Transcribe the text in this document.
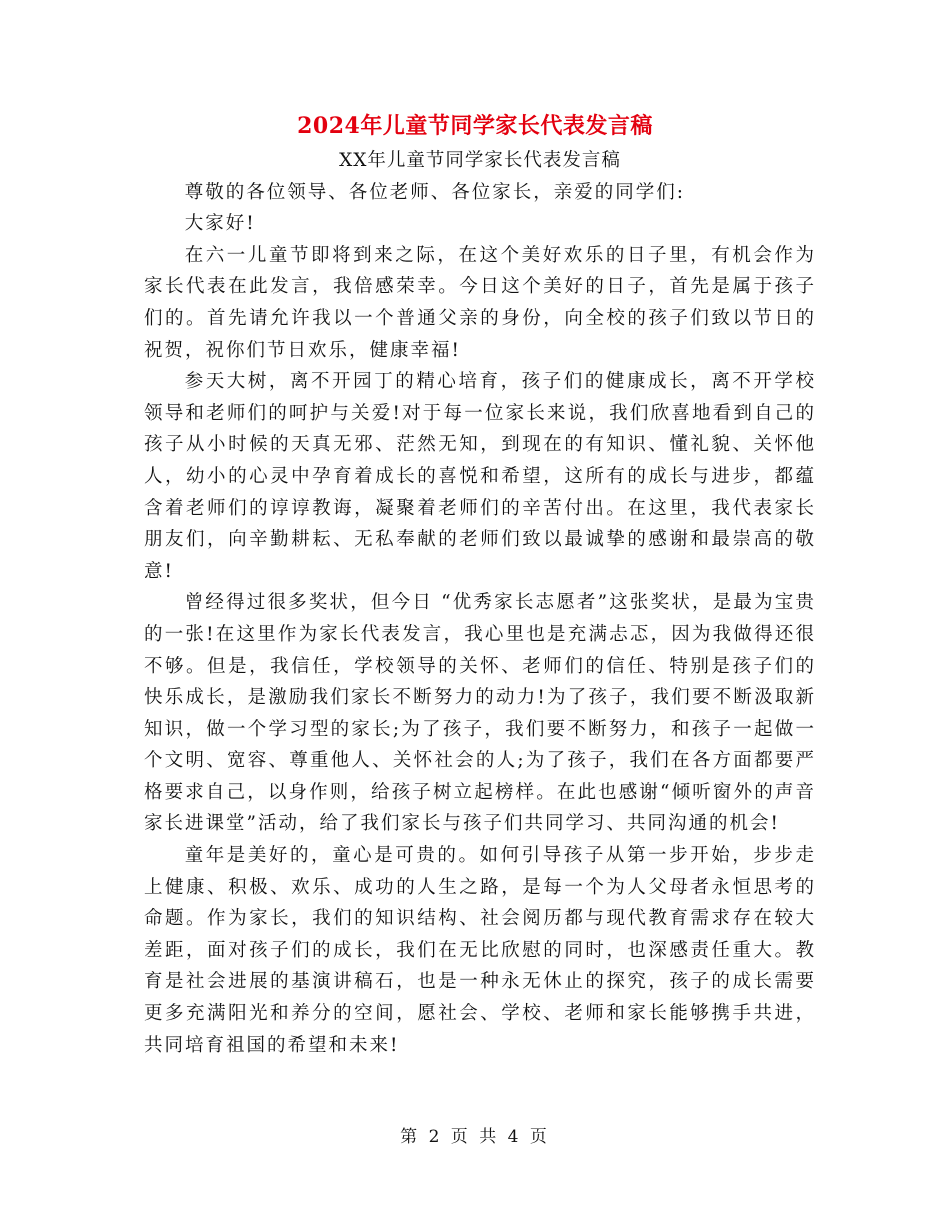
2024年儿童节同学家长代表发言稿

XX年儿童节同学家长代表发言稿

尊敬的各位领导、各位老师、各位家长，亲爱的同学们:

大家好!

在六一儿童节即将到来之际，在这个美好欢乐的日子里，有机会作为家长代表在此发言，我倍感荣幸。今日这个美好的日子，首先是属于孩子们的。首先请允许我以一个普通父亲的身份，向全校的孩子们致以节日的祝贺，祝你们节日欢乐，健康幸福!

参天大树，离不开园丁的精心培育，孩子们的健康成长，离不开学校领导和老师们的呵护与关爱!对于每一位家长来说，我们欣喜地看到自己的孩子从小时候的天真无邪、茫然无知，到现在的有知识、懂礼貌、关怀他人，幼小的心灵中孕育着成长的喜悦和希望，这所有的成长与进步，都蕴含着老师们的谆谆教诲，凝聚着老师们的辛苦付出。在这里，我代表家长朋友们，向辛勤耕耘、无私奉献的老师们致以最诚挚的感谢和最崇高的敬意!

曾经得过很多奖状，但今日 “优秀家长志愿者”这张奖状，是最为宝贵的一张!在这里作为家长代表发言，我心里也是充满忐忑，因为我做得还很不够。但是，我信任，学校领导的关怀、老师们的信任、特别是孩子们的快乐成长，是激励我们家长不断努力的动力!为了孩子，我们要不断汲取新知识，做一个学习型的家长;为了孩子，我们要不断努力，和孩子一起做一个文明、宽容、尊重他人、关怀社会的人;为了孩子，我们在各方面都要严格要求自己，以身作则，给孩子树立起榜样。在此也感谢“倾听窗外的声音家长进课堂”活动，给了我们家长与孩子们共同学习、共同沟通的机会!

童年是美好的，童心是可贵的。如何引导孩子从第一步开始，步步走上健康、积极、欢乐、成功的人生之路，是每一个为人父母者永恒思考的命题。作为家长，我们的知识结构、社会阅历都与现代教育需求存在较大差距，面对孩子们的成长，我们在无比欣慰的同时，也深感责任重大。教育是社会进展的基演讲稿石，也是一种永无休止的探究，孩子的成长需要更多充满阳光和养分的空间，愿社会、学校、老师和家长能够携手共进，共同培育祖国的希望和未来!

第 2 页 共 4 页
